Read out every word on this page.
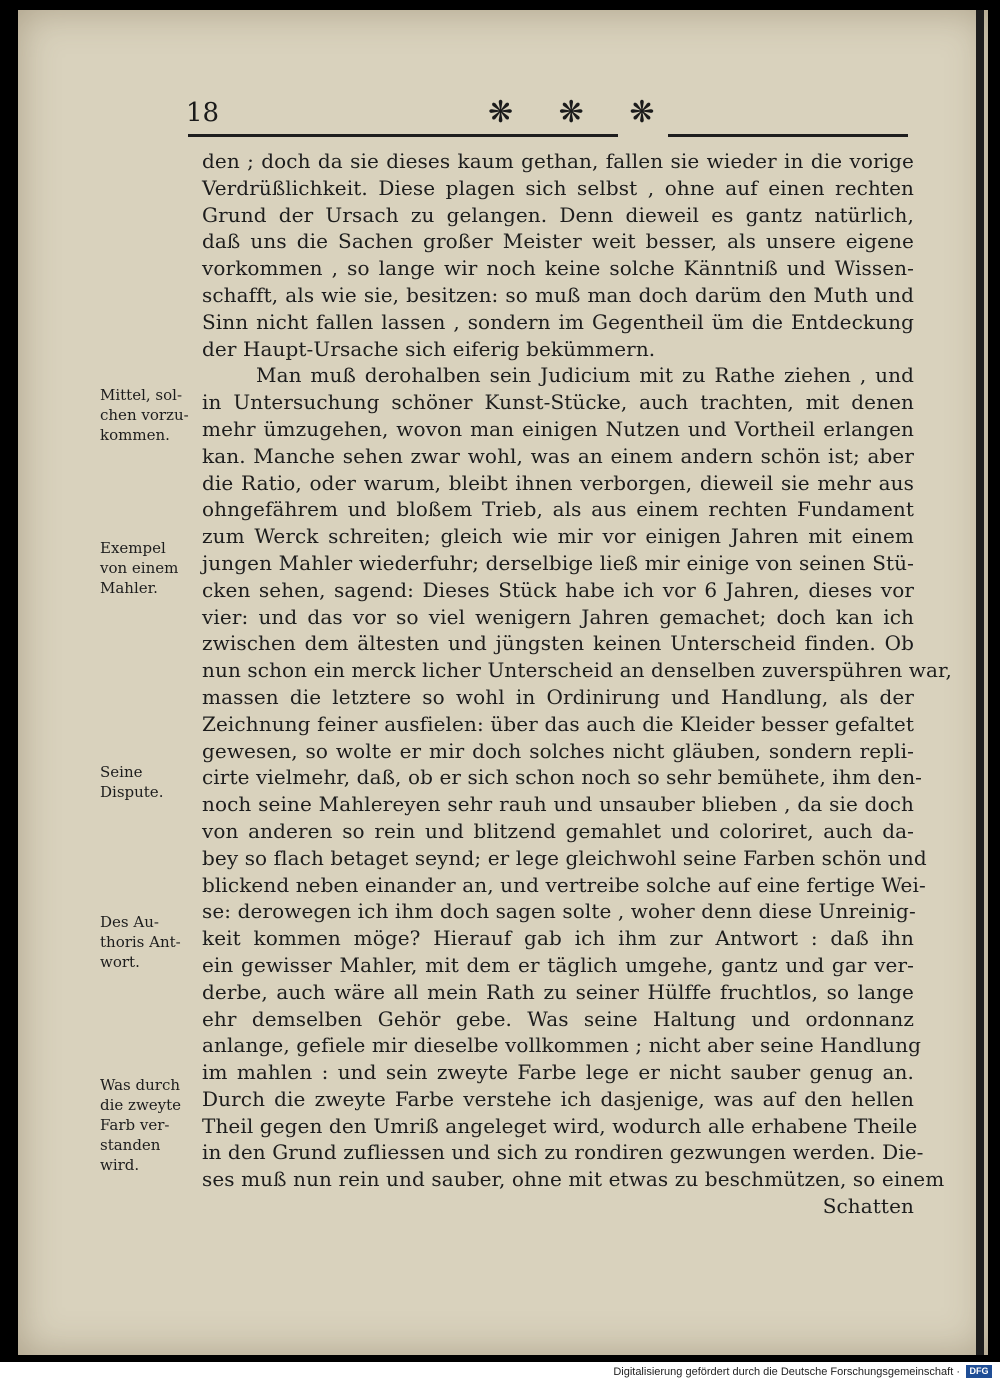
18	❋ ❋ ❋
den ; doch da sie dieses kaum gethan, fallen sie wieder in die vorige
Verdrüßlichkeit. Diese plagen sich selbst , ohne auf einen rechten
Grund der Ursach zu gelangen. Denn dieweil es gantz natürlich,
daß uns die Sachen großer Meister weit besser, als unsere eigene
vorkommen , so lange wir noch keine solche Känntniß und Wissen-
schafft, als wie sie, besitzen: so muß man doch darüm den Muth und
Sinn nicht fallen lassen , sondern im Gegentheil üm die Entdeckung
der Haupt-Ursache sich eiferig bekümmern.
Man muß derohalben sein Judicium mit zu Rathe ziehen , und
in Untersuchung schöner Kunst-Stücke, auch trachten, mit denen
mehr ümzugehen, wovon man einigen Nutzen und Vortheil erlangen
kan. Manche sehen zwar wohl, was an einem andern schön ist; aber
die Ratio, oder warum, bleibt ihnen verborgen, dieweil sie mehr aus
ohngefährem und bloßem Trieb, als aus einem rechten Fundament
zum Werck schreiten; gleich wie mir vor einigen Jahren mit einem
jungen Mahler wiederfuhr; derselbige ließ mir einige von seinen Stü-
cken sehen, sagend: Dieses Stück habe ich vor 6 Jahren, dieses vor
vier: und das vor so viel wenigern Jahren gemachet; doch kan ich
zwischen dem ältesten und jüngsten keinen Unterscheid finden. Ob
nun schon ein merck licher Unterscheid an denselben zuverspühren war,
massen die letztere so wohl in Ordinirung und Handlung, als der
Zeichnung feiner ausfielen: über das auch die Kleider besser gefaltet
gewesen, so wolte er mir doch solches nicht gläuben, sondern repli-
cirte vielmehr, daß, ob er sich schon noch so sehr bemühete, ihm den-
noch seine Mahlereyen sehr rauh und unsauber blieben , da sie doch
von anderen so rein und blitzend gemahlet und coloriret, auch da-
bey so flach betaget seynd; er lege gleichwohl seine Farben schön und
blickend neben einander an, und vertreibe solche auf eine fertige Wei-
se: derowegen ich ihm doch sagen solte , woher denn diese Unreinig-
keit kommen möge? Hierauf gab ich ihm zur Antwort : daß ihn
ein gewisser Mahler, mit dem er täglich umgehe, gantz und gar ver-
derbe, auch wäre all mein Rath zu seiner Hülffe fruchtlos, so lange
ehr demselben Gehör gebe. Was seine Haltung und ordonnanz
anlange, gefiele mir dieselbe vollkommen ; nicht aber seine Handlung
im mahlen : und sein zweyte Farbe lege er nicht sauber genug an.
Durch die zweyte Farbe verstehe ich dasjenige, was auf den hellen
Theil gegen den Umriß angeleget wird, wodurch alle erhabene Theile
in den Grund zufliessen und sich zu rondiren gezwungen werden. Die-
ses muß nun rein und sauber, ohne mit etwas zu beschmützen, so einem
Schatten
Mittel, sol-
chen vorzu-
kommen.
Exempel
von einem
Mahler.
Seine
Dispute.
Des Au-
thoris Ant-
wort.
Was durch
die zweyte
Farb ver-
standen
wird.
Digitalisierung gefördert durch die Deutsche Forschungsgemeinschaft ·	DFG
